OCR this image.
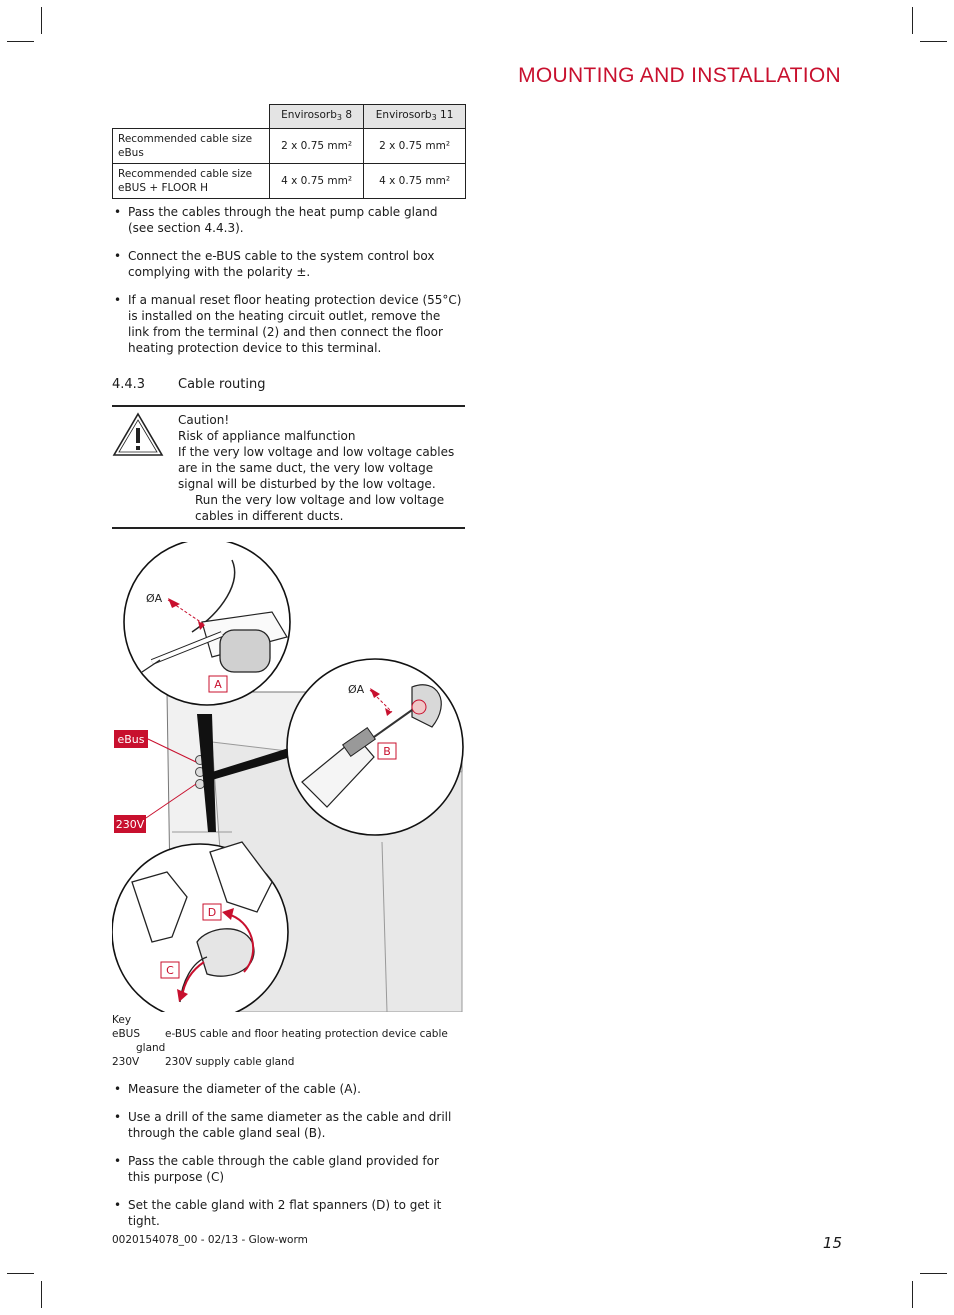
MOUNTING AND INSTALLATION
	Envirosorb$_3$ 8	Envirosorb$_3$ 11
Recommended cable size
eBus	2 x 0.75 mm²	2 x 0.75 mm²
Recommended cable size
eBUS + FLOOR H	4 x 0.75 mm²	4 x 0.75 mm²
• Pass the cables through the heat pump cable gland (see section 4.4.3).
• Connect the e-BUS cable to the system control box complying with the polarity ±.
• If a manual reset floor heating protection device (55°C) is installed on the heating circuit outlet, remove the link from the terminal (2) and then connect the floor heating protection device to this terminal.
4.4.3	Cable routing
Caution!
Risk of appliance malfunction
If the very low voltage and low voltage cables are in the same duct, the very low voltage signal will be disturbed by the low voltage.
Run the very low voltage and low voltage cables in different ducts.
ØA
A	ØA
B
C
D
eBus
230V
Key
eBUS	e-BUS cable and floor heating protection device cable
gland
230V	230V supply cable gland
• Measure the diameter of the cable (A).
• Use a drill of the same diameter as the cable and drill through the cable gland seal (B).
• Pass the cable through the cable gland provided for this purpose (C)
• Set the cable gland with 2 flat spanners (D) to get it tight.
0020154078_00 - 02/13 - Glow-worm	15
